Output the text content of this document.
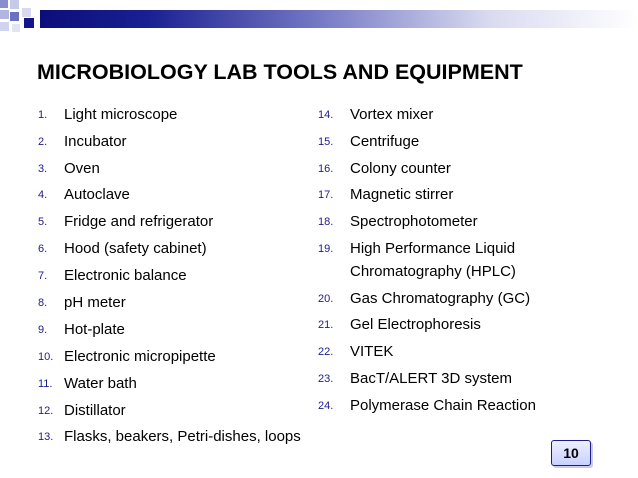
MICROBIOLOGY LAB TOOLS AND EQUIPMENT
1. Light microscope
2. Incubator
3. Oven
4. Autoclave
5. Fridge and refrigerator
6. Hood (safety cabinet)
7. Electronic balance
8. pH meter
9. Hot-plate
10. Electronic micropipette
11. Water bath
12. Distillator
13. Flasks, beakers, Petri-dishes, loops
14. Vortex mixer
15. Centrifuge
16. Colony counter
17. Magnetic stirrer
18. Spectrophotometer
19. High Performance Liquid
Chromatography (HPLC)
20. Gas Chromatography (GC)
21. Gel Electrophoresis
22. VITEK
23. BacT/ALERT 3D system
24. Polymerase Chain Reaction
10
